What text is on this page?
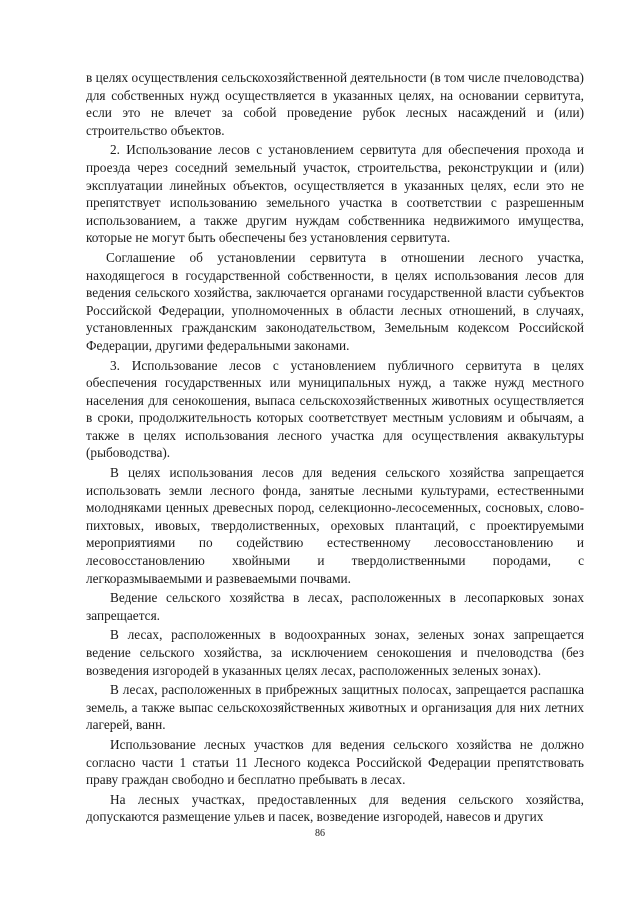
в целях осуществления сельскохозяйственной деятельности (в том числе пчеловодства) для собственных нужд осуществляется в указанных целях, на основании сервитута, если это не влечет за собой проведение рубок лесных насаждений и (или) строительство объектов.

2. Использование лесов с установлением сервитута для обеспечения прохода и проезда через соседний земельный участок, строительства, реконструкции и (или) эксплуатации линейных объектов, осуществляется в указанных целях, если это не препятствует использованию земельного участка в соответствии с разрешенным использованием, а также другим нуждам собственника недвижимого имущества, которые не могут быть обеспечены без установления сервитута.

Соглашение об установлении сервитута в отношении лесного участка, находящегося в государственной собственности, в целях использования лесов для ведения сельского хозяйства, заключается органами государственной власти субъектов Российской Федерации, уполномоченных в области лесных отношений, в случаях, установленных гражданским законодательством, Земельным кодексом Российской Федерации, другими федеральными законами.

3. Использование лесов с установлением публичного сервитута в целях обеспечения государственных или муниципальных нужд, а также нужд местного населения для сенокошения, выпаса сельскохозяйственных животных осуществляется в сроки, продолжительность которых соответствует местным условиям и обычаям, а также в целях использования лесного участка для осуществления аквакультуры (рыбоводства).

В целях использования лесов для ведения сельского хозяйства запрещается использовать земли лесного фонда, занятые лесными культурами, естественными молодняками ценных древесных пород, селекционно-лесосеменных, сосновых, слово-пихтовых, ивовых, твердолиственных, ореховых плантаций, с проектируемыми мероприятиями по содействию естественному лесовосстановлению и лесовосстановлению хвойными и твердолиственными породами, с легкоразмываемыми и развеваемыми почвами.

Ведение сельского хозяйства в лесах, расположенных в лесопарковых зонах запрещается.

В лесах, расположенных в водоохранных зонах, зеленых зонах запрещается ведение сельского хозяйства, за исключением сенокошения и пчеловодства (без возведения изгородей в указанных целях лесах, расположенных зеленых зонах).

В лесах, расположенных в прибрежных защитных полосах, запрещается распашка земель, а также выпас сельскохозяйственных животных и организация для них летних лагерей, ванн.

Использование лесных участков для ведения сельского хозяйства не должно согласно части 1 статьи 11 Лесного кодекса Российской Федерации препятствовать праву граждан свободно и бесплатно пребывать в лесах.

На лесных участках, предоставленных для ведения сельского хозяйства, допускаются размещение ульев и пасек, возведение изгородей, навесов и других

86
